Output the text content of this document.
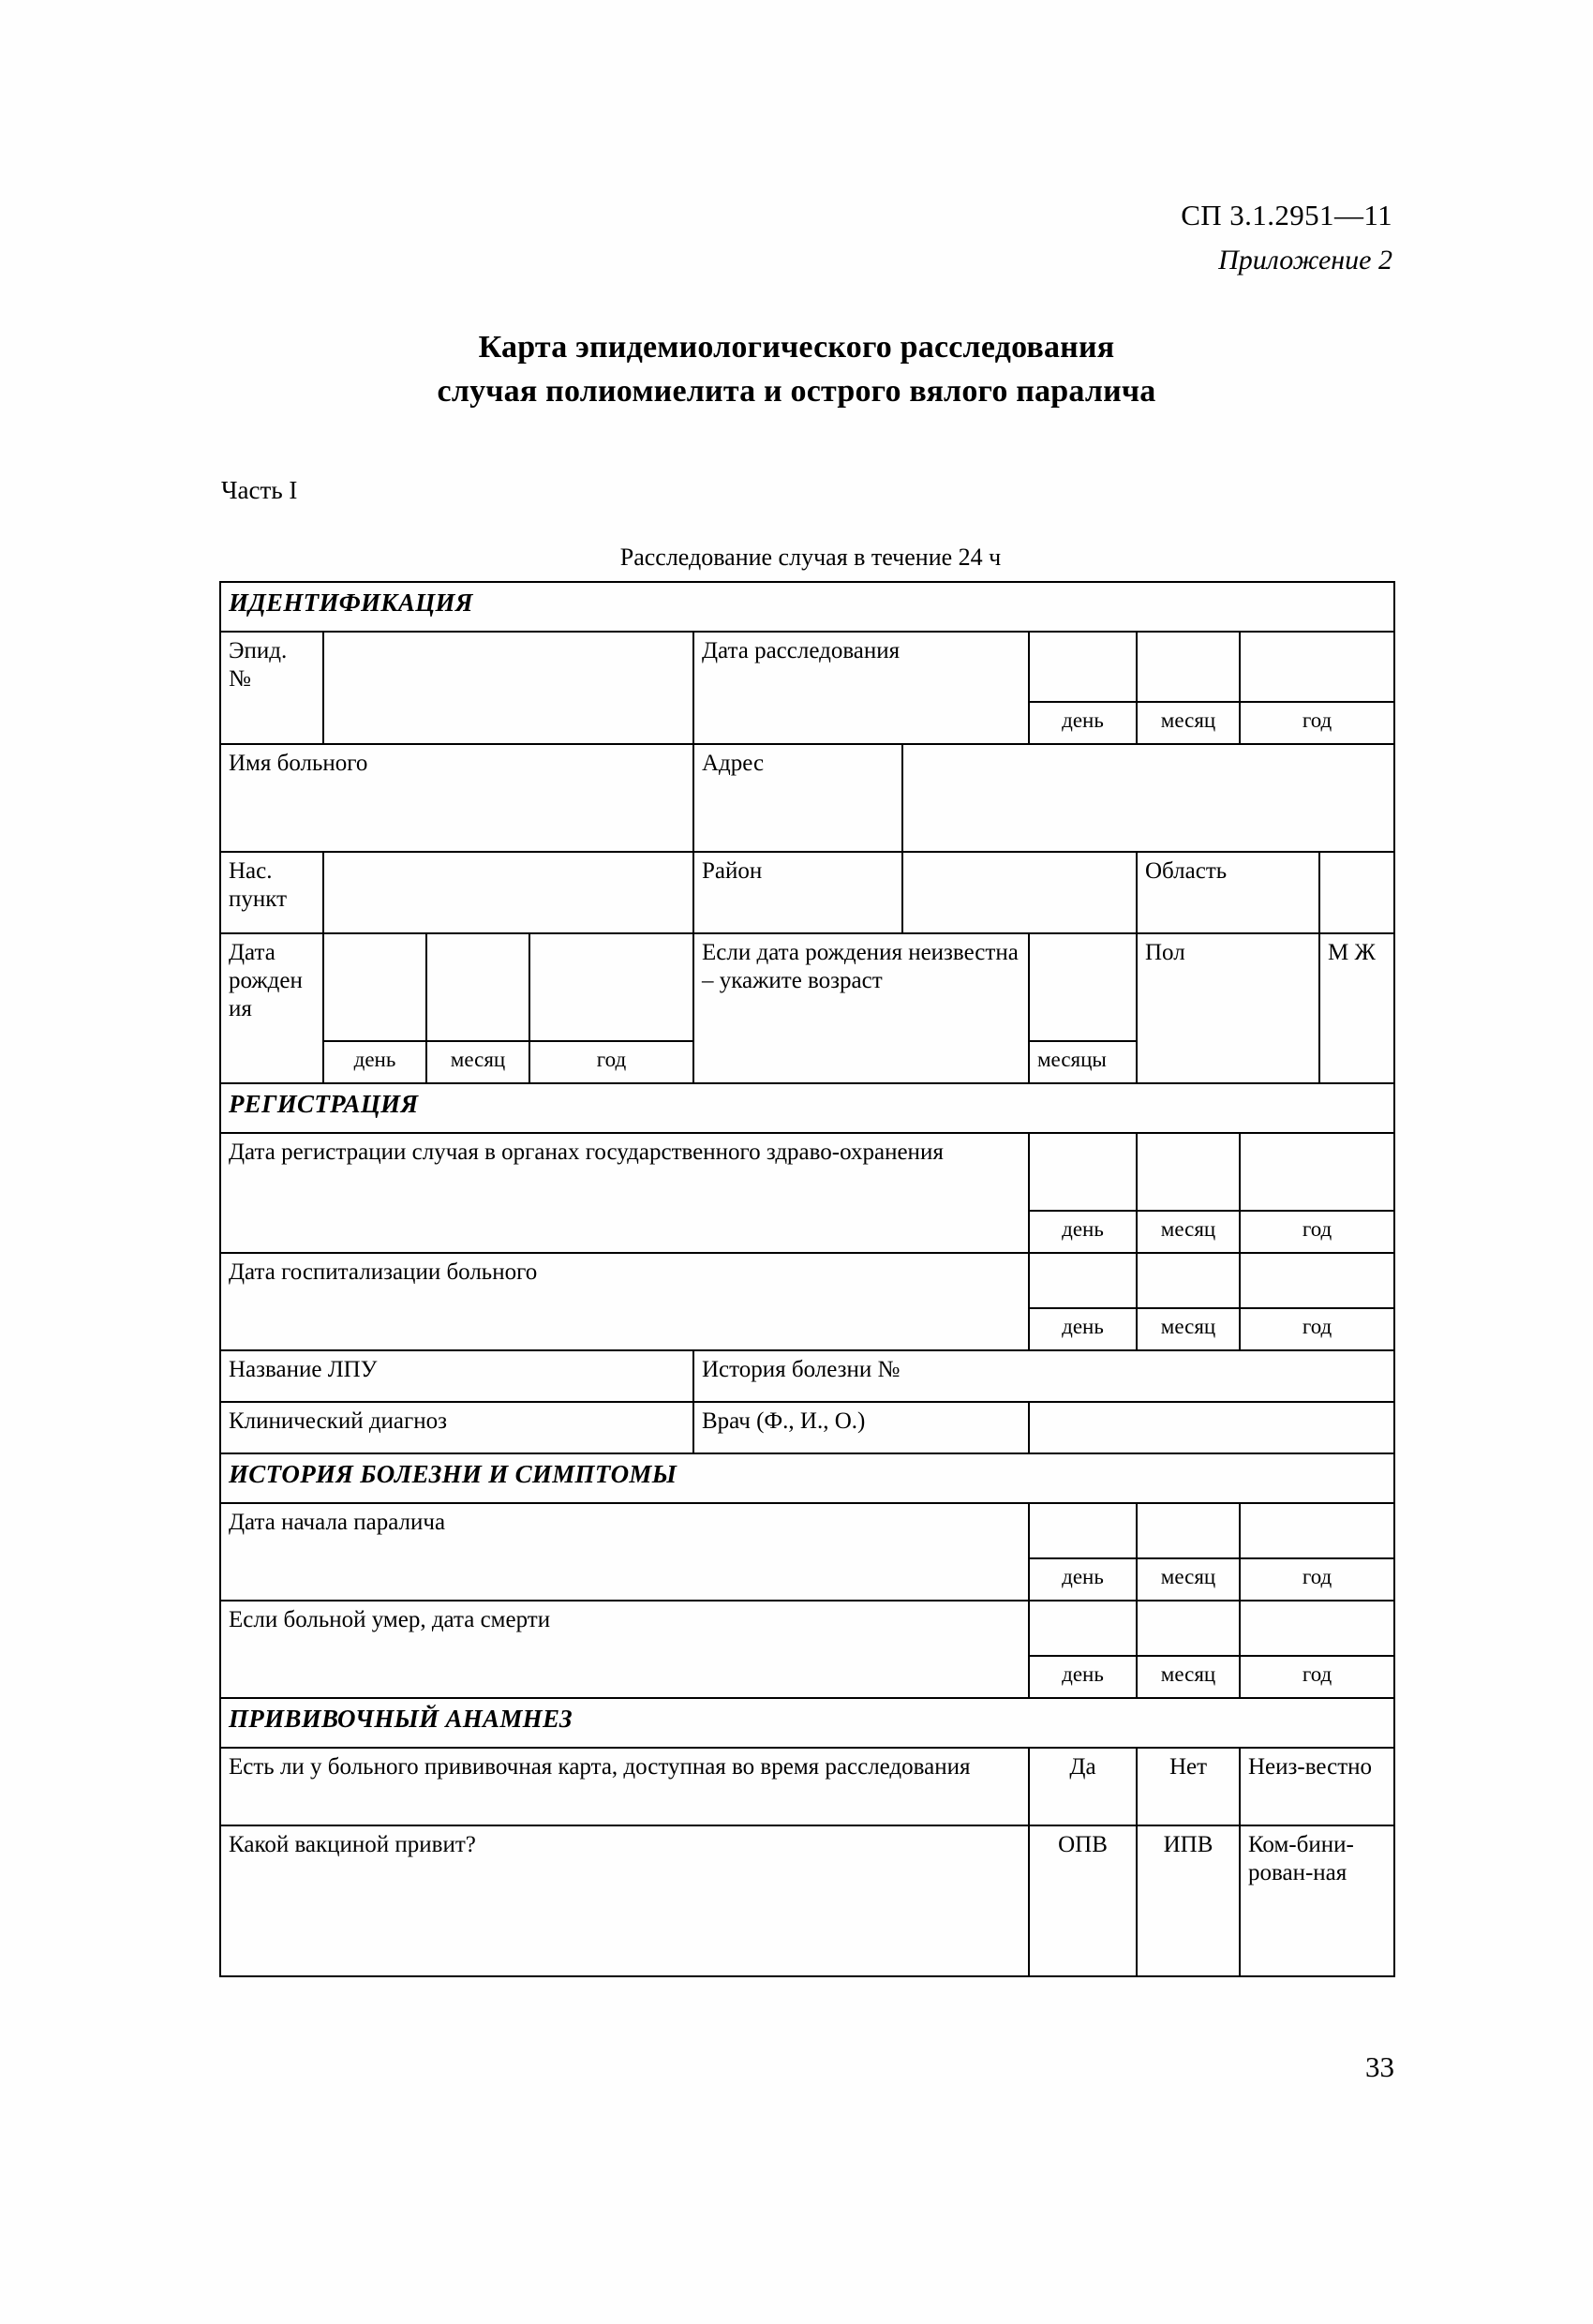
СП 3.1.2951—11
Приложение 2
Карта эпидемиологического расследования
случая полиомиелита и острого вялого паралича
Часть I
Расследование случая в течение 24 ч
ИДЕНТИФИКАЦИЯ									
Эпид. №				Дата расследования					
						день	месяц	год	
Имя больного				Адрес					
Нас. пункт				Район			Область		
Дата рождения				Если дата рождения неизвестна – укажите возраст			Пол		М Ж
	день	месяц	год			месяцы			
РЕГИСТРАЦИЯ									
Дата регистрации случая в органах государственного здраво-охранения									
						день	месяц	год	
Дата госпитализации больного									
						день	месяц	год	
Название ЛПУ				История болезни №					
Клинический диагноз				Врач (Ф., И., О.)					
ИСТОРИЯ БОЛЕЗНИ И СИМПТОМЫ									
Дата начала паралича									
						день	месяц	год	
Если больной умер, дата смерти									
						день	месяц	год	
ПРИВИВОЧНЫЙ АНАМНЕЗ									
Есть ли у больного прививочная карта, доступная во время расследования						Да	Нет	Неиз-вестно	
Какой вакциной привит?						ОПВ	ИПВ	Ком-бини-рован-ная	
33
